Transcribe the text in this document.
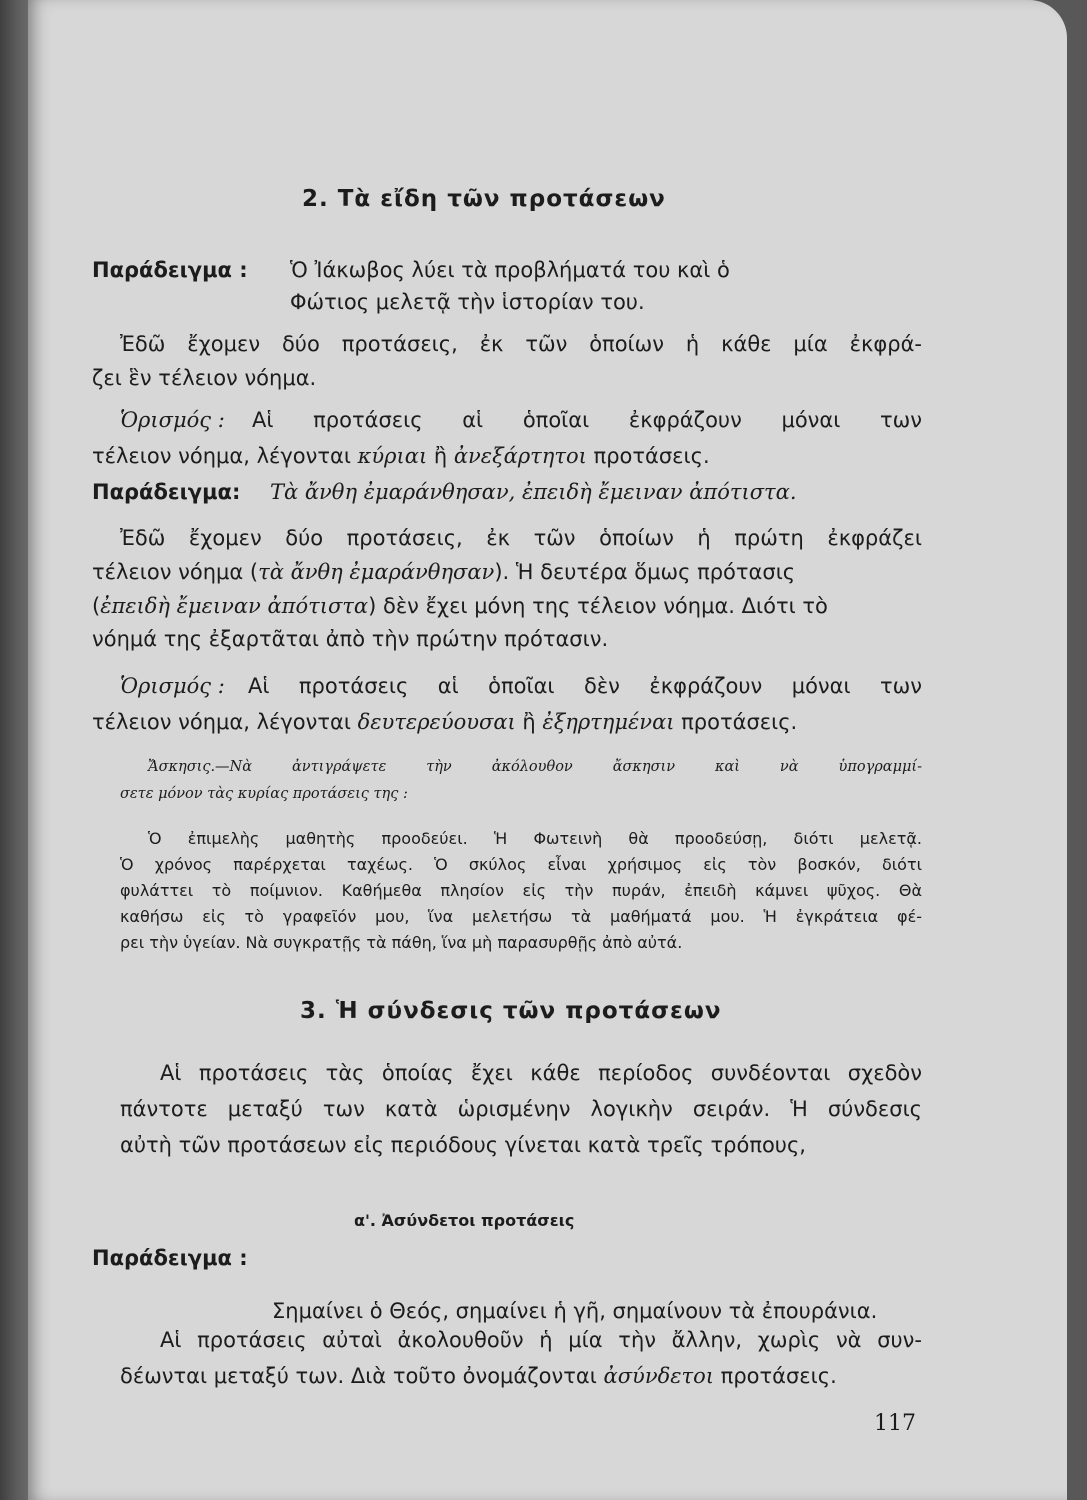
2. Τὰ εἴδη τῶν προτάσεων
Παράδειγμα : Ὁ Ἰάκωβος λύει τὰ προβλήματά του καὶ ὁ
Φώτιος μελετᾷ τὴν ἱστορίαν του.
Ἐδῶ ἔχομεν δύο προτάσεις, ἐκ τῶν ὁποίων ἡ κάθε μία ἐκφρά-
ζει ἓν τέλειον νόημα.
Ὁρισμός : Αἱ προτάσεις αἱ ὁποῖαι ἐκφράζουν μόναι των
τέλειον νόημα, λέγονται κύριαι ἢ ἀνεξάρτητοι προτάσεις.
Παράδειγμα: Τὰ ἄνθη ἐμαράνθησαν, ἐπειδὴ ἔμειναν ἀπότιστα.
Ἐδῶ ἔχομεν δύο προτάσεις, ἐκ τῶν ὁποίων ἡ πρώτη ἐκφράζει
τέλειον νόημα (τὰ ἄνθη ἐμαράνθησαν). Ἡ δευτέρα ὅμως πρότασις
(ἐπειδὴ ἔμειναν ἀπότιστα) δὲν ἔχει μόνη της τέλειον νόημα. Διότι τὸ
νόημά της ἐξαρτᾶται ἀπὸ τὴν πρώτην πρότασιν.
Ὁρισμός : Αἱ προτάσεις αἱ ὁποῖαι δὲν ἐκφράζουν μόναι των
τέλειον νόημα, λέγονται δευτερεύουσαι ἢ ἐξηρτημέναι προτάσεις.
Ἄσκησις.—Νὰ ἀντιγράψετε τὴν ἀκόλουθον ἄσκησιν καὶ νὰ ὑπογραμμί-
σετε μόνον τὰς κυρίας προτάσεις της :
Ὁ ἐπιμελὴς μαθητὴς προοδεύει. Ἡ Φωτεινὴ θὰ προοδεύσῃ, διότι μελετᾷ.
Ὁ χρόνος παρέρχεται ταχέως. Ὁ σκύλος εἶναι χρήσιμος εἰς τὸν βοσκόν, διότι
φυλάττει τὸ ποίμνιον. Καθήμεθα πλησίον εἰς τὴν πυράν, ἐπειδὴ κάμνει ψῦχος. Θὰ
καθήσω εἰς τὸ γραφεῖόν μου, ἵνα μελετήσω τὰ μαθήματά μου. Ἡ ἐγκράτεια φέ-
ρει τὴν ὑγείαν. Νὰ συγκρατῇς τὰ πάθη, ἵνα μὴ παρασυρθῇς ἀπὸ αὐτά.
3. Ἡ σύνδεσις τῶν προτάσεων
Αἱ προτάσεις τὰς ὁποίας ἔχει κάθε περίοδος συνδέονται σχεδὸν
πάντοτε μεταξύ των κατὰ ὡρισμένην λογικὴν σειράν. Ἡ σύνδεσις
αὐτὴ τῶν προτάσεων εἰς περιόδους γίνεται κατὰ τρεῖς τρόπους,
α'. Ἀσύνδετοι προτάσεις
Παράδειγμα :
Σημαίνει ὁ Θεός, σημαίνει ἡ γῆ, σημαίνουν τὰ ἐπουράνια.
Αἱ προτάσεις αὐταὶ ἀκολουθοῦν ἡ μία τὴν ἄλλην, χωρὶς νὰ συν-
δέωνται μεταξύ των. Διὰ τοῦτο ὀνομάζονται ἀσύνδετοι προτάσεις.
117
